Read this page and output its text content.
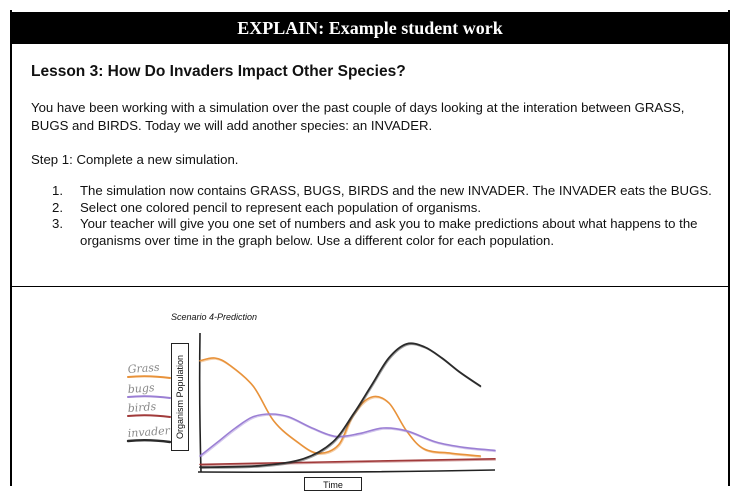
EXPLAIN: Example student work
Lesson 3: How Do Invaders Impact Other Species?

You have been working with a simulation over the past couple of days looking at the interation between GRASS, BUGS and BIRDS. Today we will add another species: an INVADER.

Step 1: Complete a new simulation.

1. The simulation now contains GRASS, BUGS, BIRDS and the new INVADER. The INVADER eats the BUGS.
2. Select one colored pencil to represent each population of organisms.
3. Your teacher will give you one set of numbers and ask you to make predictions about what happens to the organisms over time in the graph below. Use a different color for each population.

Scenario 4-Prediction

Organism Population
Time
Grass
bugs
birds
invader
